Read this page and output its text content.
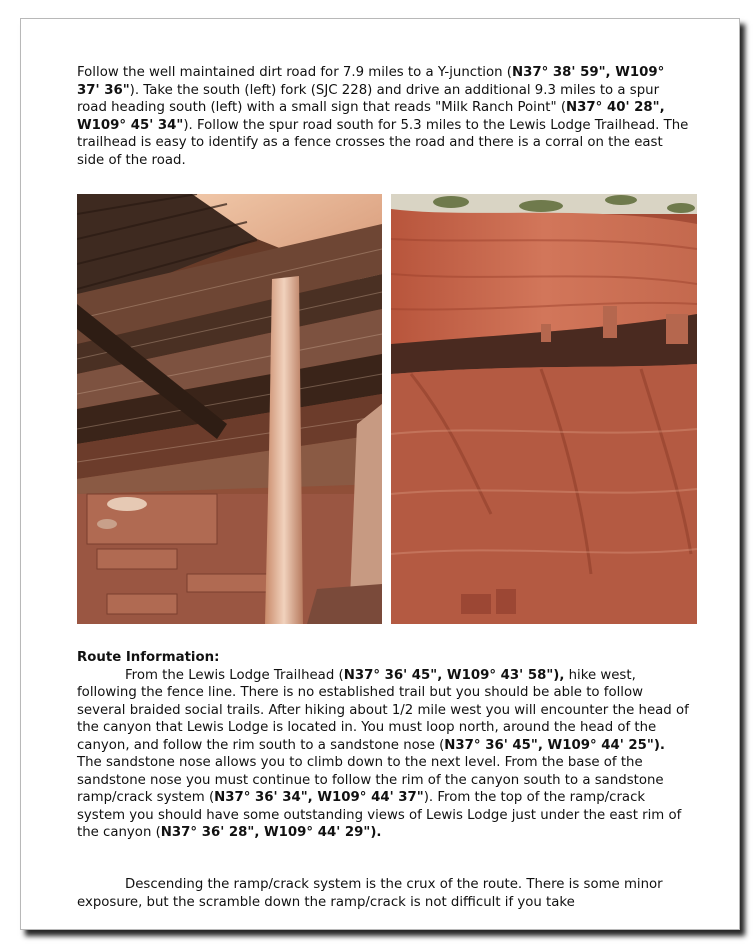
Follow the well maintained dirt road for 7.9 miles to a Y-junction (N37° 38' 59", W109° 37' 36"). Take the south (left) fork (SJC 228) and drive an additional 9.3 miles to a spur road heading south (left) with a small sign that reads "Milk Ranch Point" (N37° 40' 28", W109° 45' 34"). Follow the spur road south for 5.3 miles to the Lewis Lodge Trailhead. The trailhead is easy to identify as a fence crosses the road and there is a corral on the east side of the road.

Route Information:
From the Lewis Lodge Trailhead (N37° 36' 45", W109° 43' 58"), hike west, following the fence line. There is no established trail but you should be able to follow several braided social trails. After hiking about 1/2 mile west you will encounter the head of the canyon that Lewis Lodge is located in. You must loop north, around the head of the canyon, and follow the rim south to a sandstone nose (N37° 36' 45", W109° 44' 25"). The sandstone nose allows you to climb down to the next level. From the base of the sandstone nose you must continue to follow the rim of the canyon south to a sandstone ramp/crack system (N37° 36' 34", W109° 44' 37"). From the top of the ramp/crack system you should have some outstanding views of Lewis Lodge just under the east rim of the canyon (N37° 36' 28", W109° 44' 29").

Descending the ramp/crack system is the crux of the route. There is some minor exposure, but the scramble down the ramp/crack is not difficult if you take
